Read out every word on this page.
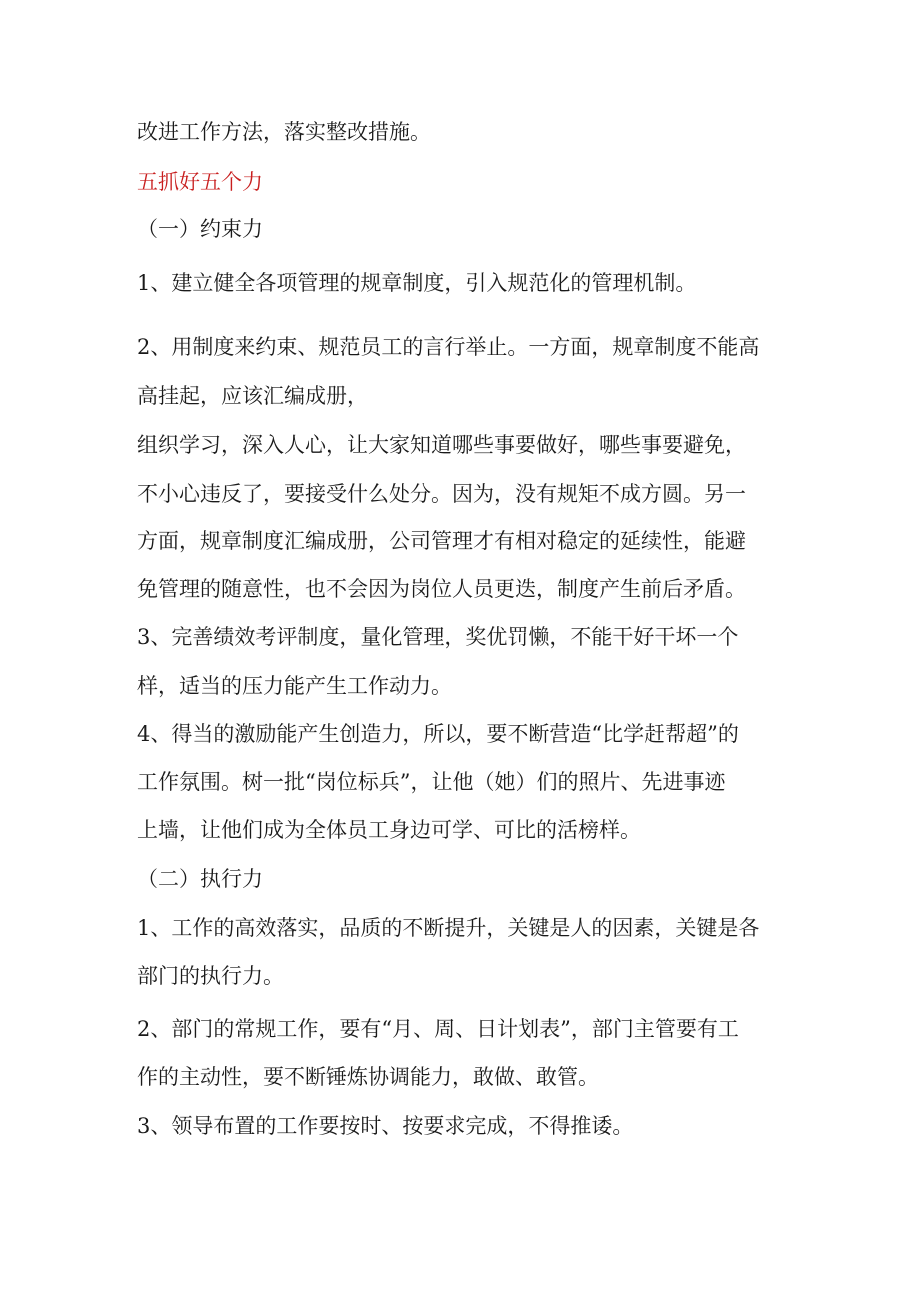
改进工作方法，落实整改措施。
五抓好五个力
（一）约束力
1、建立健全各项管理的规章制度，引入规范化的管理机制。
2、用制度来约束、规范员工的言行举止。一方面，规章制度不能高
高挂起，应该汇编成册，
组织学习，深入人心，让大家知道哪些事要做好，哪些事要避免，
不小心违反了，要接受什么处分。因为，没有规矩不成方圆。另一
方面，规章制度汇编成册，公司管理才有相对稳定的延续性，能避
免管理的随意性，也不会因为岗位人员更迭，制度产生前后矛盾。
3、完善绩效考评制度，量化管理，奖优罚懒，不能干好干坏一个
样，适当的压力能产生工作动力。
4、得当的激励能产生创造力，所以，要不断营造“比学赶帮超”的
工作氛围。树一批“岗位标兵”，让他（她）们的照片、先进事迹
上墙，让他们成为全体员工身边可学、可比的活榜样。
（二）执行力
1、工作的高效落实，品质的不断提升，关键是人的因素，关键是各
部门的执行力。
2、部门的常规工作，要有“月、周、日计划表”，部门主管要有工
作的主动性，要不断锤炼协调能力，敢做、敢管。
3、领导布置的工作要按时、按要求完成，不得推诿。
